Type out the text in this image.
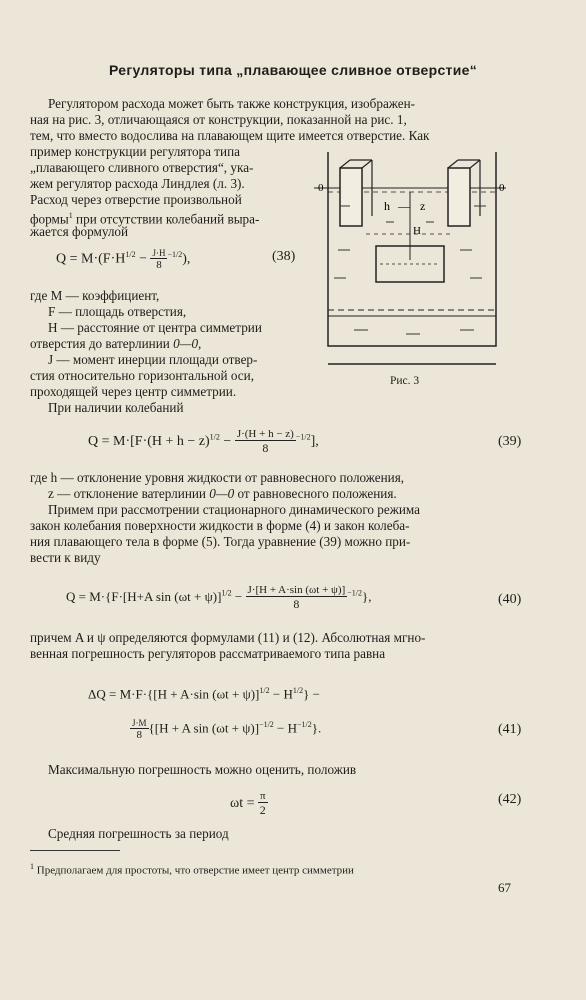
Регуляторы типа „плавающее сливное отверстие“
Регулятором расхода может быть также конструкция, изображен-
ная на рис. 3, отличающаяся от конструкции, показанной на рис. 1,
тем, что вместо водослива на плавающем щите имеется отверстие. Как
пример конструкции регулятора типа
„плавающего сливного отверстия“, ука-
жем регулятор расхода Линдлея (л. 3).
Расход через отверстие произвольной
формы$^1$ при отсутствии колебаний выра-
жается формулой
$Q = M\cdot(F\cdot H^{1/2} - \frac{J\cdot H}{8} ^{-1/2})$,	(38)
где M — коэффициент,
F — площадь отверстия,
H — расстояние от центра симметрии
отверстия до ватерлинии 0—0,
J — момент инерции площади отвер-
стия относительно горизонтальной оси,
проходящей через центр симметрии.
При наличии колебаний
0	0
h — z
H
Рис. 3
$Q = M\cdot[F\cdot(H + h - z)^{1/2} - \frac{J\cdot(H + h - z)}{8} ^{-1/2}]$,	(39)
где h — отклонение уровня жидкости от равновесного положения,
z — отклонение ватерлинии 0—0 от равновесного положения.
Примем при рассмотрении стационарного динамического режима
закон колебания поверхности жидкости в форме (4) и закон колеба-
ния плавающего тела в форме (5). Тогда уравнение (39) можно при-
вести к виду
Q = M·{F·[H+A $\sin (\omega t + \psi)]^{1/2} - \frac{J\cdot[H + A\cdot\sin (\omega t + \psi)]}{8} ^{-1/2}$},	(40)
причем A и ψ определяются формулами (11) и (12). Абсолютная мгно-
венная погрешность регуляторов рассматриваемого типа равна
ΔQ = M·F·{[H + A·sin $(\omega t + \psi)]^{1/2} - H^{1/2}$} −
$\frac{J\cdot M}{8} \{[H + A$ $\sin (\omega t + \psi)]^{-1/2} - H^{-1/2}$}.	(41)
Максимальную погрешность можно оценить, положив
$\omega t = \frac{\pi}{2}$	(42)
Средняя погрешность за период
$^1$ Предполагаем для простоты, что отверстие имеет центр симметрии
67
